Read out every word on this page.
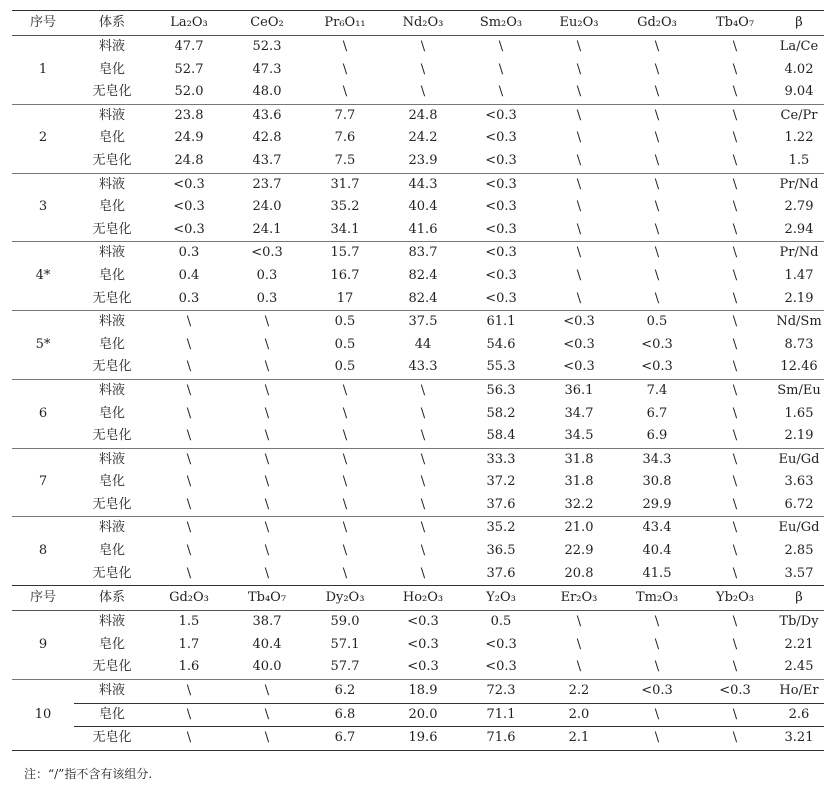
序号	体系	La₂O₃	CeO₂	Pr₆O₁₁	Nd₂O₃	Sm₂O₃	Eu₂O₃	Gd₂O₃	Tb₄O₇	β
1	料液	47.7	52.3	\	\	\	\	\	\	La/Ce
	皂化	52.7	47.3	\	\	\	\	\	\	4.02
	无皂化	52.0	48.0	\	\	\	\	\	\	9.04
2	料液	23.8	43.6	7.7	24.8	<0.3	\	\	\	Ce/Pr
	皂化	24.9	42.8	7.6	24.2	<0.3	\	\	\	1.22
	无皂化	24.8	43.7	7.5	23.9	<0.3	\	\	\	1.5
3	料液	<0.3	23.7	31.7	44.3	<0.3	\	\	\	Pr/Nd
	皂化	<0.3	24.0	35.2	40.4	<0.3	\	\	\	2.79
	无皂化	<0.3	24.1	34.1	41.6	<0.3	\	\	\	2.94
4*	料液	0.3	<0.3	15.7	83.7	<0.3	\	\	\	Pr/Nd
	皂化	0.4	0.3	16.7	82.4	<0.3	\	\	\	1.47
	无皂化	0.3	0.3	17	82.4	<0.3	\	\	\	2.19
5*	料液	\	\	0.5	37.5	61.1	<0.3	0.5	\	Nd/Sm
	皂化	\	\	0.5	44	54.6	<0.3	<0.3	\	8.73
	无皂化	\	\	0.5	43.3	55.3	<0.3	<0.3	\	12.46
6	料液	\	\	\	\	56.3	36.1	7.4	\	Sm/Eu
	皂化	\	\	\	\	58.2	34.7	6.7	\	1.65
	无皂化	\	\	\	\	58.4	34.5	6.9	\	2.19
7	料液	\	\	\	\	33.3	31.8	34.3	\	Eu/Gd
	皂化	\	\	\	\	37.2	31.8	30.8	\	3.63
	无皂化	\	\	\	\	37.6	32.2	29.9	\	6.72
8	料液	\	\	\	\	35.2	21.0	43.4	\	Eu/Gd
	皂化	\	\	\	\	36.5	22.9	40.4	\	2.85
	无皂化	\	\	\	\	37.6	20.8	41.5	\	3.57
序号	体系	Gd₂O₃	Tb₄O₇	Dy₂O₃	Ho₂O₃	Y₂O₃	Er₂O₃	Tm₂O₃	Yb₂O₃	β
9	料液	1.5	38.7	59.0	<0.3	0.5	\	\	\	Tb/Dy
	皂化	1.7	40.4	57.1	<0.3	<0.3	\	\	\	2.21
	无皂化	1.6	40.0	57.7	<0.3	<0.3	\	\	\	2.45
10	料液	\	\	6.2	18.9	72.3	2.2	<0.3	<0.3	Ho/Er
	皂化	\	\	6.8	20.0	71.1	2.0	\	\	2.6
	无皂化	\	\	6.7	19.6	71.6	2.1	\	\	3.21
注：“/”指不含有该组分.
